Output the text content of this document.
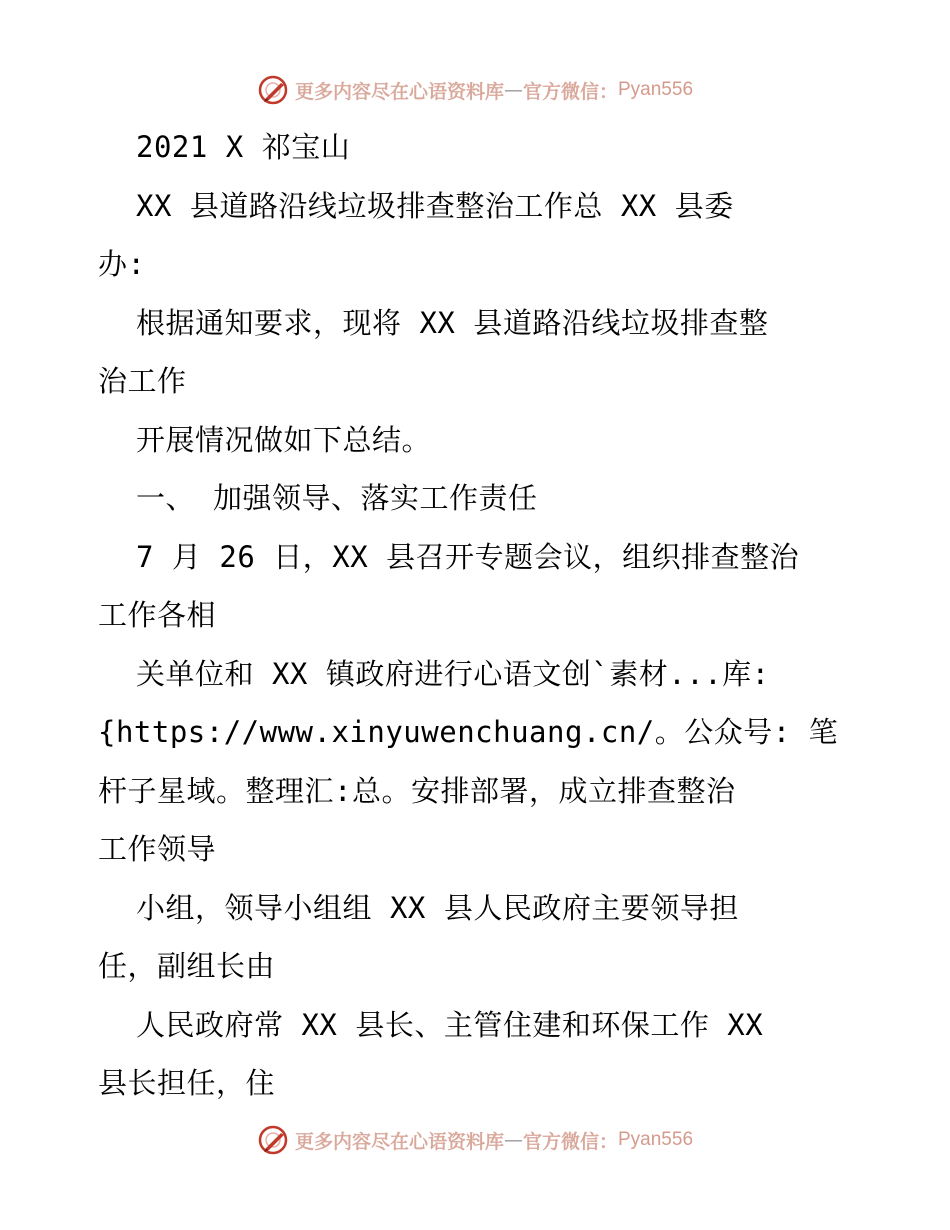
更多内容尽在心语资料库 — 官方微信： Pyan556
2021 X 祁宝山
XX 县道路沿线垃圾排查整治工作总 XX 县委
办:
根据通知要求，现将 XX 县道路沿线垃圾排查整
治工作
开展情况做如下总结。
一、 加强领导、落实工作责任
7 月 26 日，XX 县召开专题会议，组织排查整治
工作各相
关单位和 XX 镇政府进行心语文创`素材...库:
{https://www.xinyuwenchuang.cn/。公众号: 笔
杆子星域。整理汇:总。安排部署，成立排查整治
工作领导
小组，领导小组组 XX 县人民政府主要领导担
任，副组长由
人民政府常 XX 县长、主管住建和环保工作 XX
县长担任，住
更多内容尽在心语资料库 — 官方微信： Pyan556
